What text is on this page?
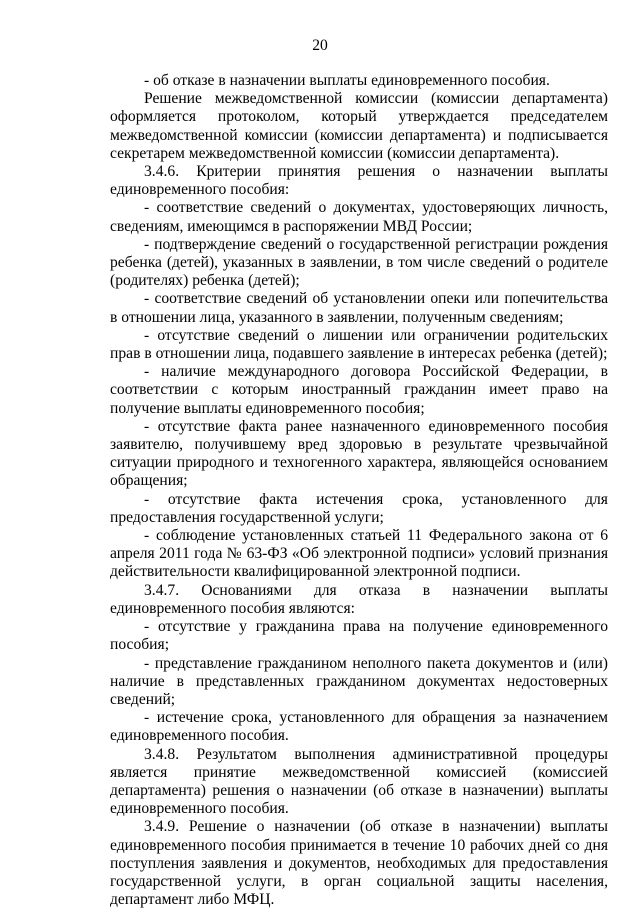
20

- об отказе в назначении выплаты единовременного пособия.

Решение межведомственной комиссии (комиссии департамента) оформляется протоколом, который утверждается председателем межведомственной комиссии (комиссии департамента) и подписывается секретарем межведомственной комиссии (комиссии департамента).

3.4.6. Критерии принятия решения о назначении выплаты единовременного пособия:

- соответствие сведений о документах, удостоверяющих личность, сведениям, имеющимся в распоряжении МВД России;

- подтверждение сведений о государственной регистрации рождения ребенка (детей), указанных в заявлении, в том числе сведений о родителе (родителях) ребенка (детей);

- соответствие сведений об установлении опеки или попечительства в отношении лица, указанного в заявлении, полученным сведениям;

- отсутствие сведений о лишении или ограничении родительских прав в отношении лица, подавшего заявление в интересах ребенка (детей);

- наличие международного договора Российской Федерации, в соответствии с которым иностранный гражданин имеет право на получение выплаты единовременного пособия;

- отсутствие факта ранее назначенного единовременного пособия заявителю, получившему вред здоровью в результате чрезвычайной ситуации природного и техногенного характера, являющейся основанием обращения;

- отсутствие факта истечения срока, установленного для предоставления государственной услуги;

- соблюдение установленных статьей 11 Федерального закона от 6 апреля 2011 года № 63-ФЗ «Об электронной подписи» условий признания действительности квалифицированной электронной подписи.

3.4.7. Основаниями для отказа в назначении выплаты единовременного пособия являются:

- отсутствие у гражданина права на получение единовременного пособия;

- представление гражданином неполного пакета документов и (или) наличие в представленных гражданином документах недостоверных сведений;

- истечение срока, установленного для обращения за назначением единовременного пособия.

3.4.8. Результатом выполнения административной процедуры является принятие межведомственной комиссией (комиссией департамента) решения о назначении (об отказе в назначении) выплаты единовременного пособия.

3.4.9. Решение о назначении (об отказе в назначении) выплаты единовременного пособия принимается в течение 10 рабочих дней со дня поступления заявления и документов, необходимых для предоставления государственной услуги, в орган социальной защиты населения, департамент либо МФЦ.
